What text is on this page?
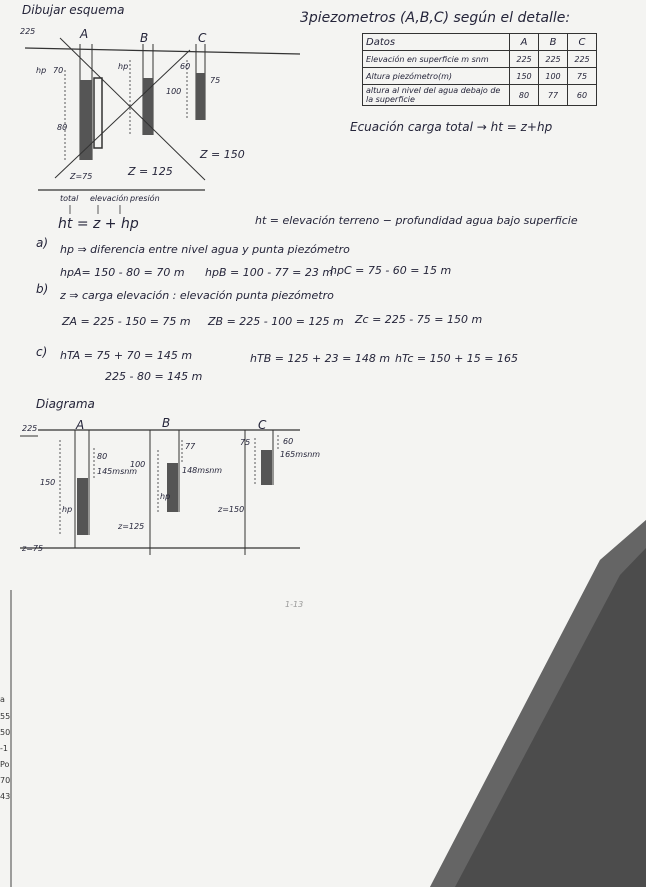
Dibujar esquema
225
3piezometros (A,B,C) según el detalle:
Datos	A	B	C
Elevación en superficie m snm	225	225	225
Altura piezómetro(m)	150	100	75
altura al nivel del agua debajo de la superficie	80	77	60
A	B	C
hp 70
80
hp
100
75
60
Z=75	Z = 125
Z = 150
Ecuación carga total → ht = z+hp
total elevación presión
ht = z + hp	ht = elevación terreno − profundidad agua bajo superficie
a) hp ⇒ diferencia entre nivel agua y punta piezómetro
hpA= 150 - 80 = 70 m hpB = 100 - 77 = 23 m
hpC = 75 - 60 = 15 m
b) z ⇒ carga elevación : elevación punta piezómetro
ZA = 225 - 150 = 75 m ZB = 225 - 100 = 125 m Zc = 225 - 75 = 150 m
c) hTA = 75 + 70 = 145 m
225 - 80 = 145 m
hTB = 125 + 23 = 148 m hTc = 150 + 15 = 165
Diagrama
225	A	B	C
80
145msnm
150
hp
77
100
148msnm
hp
z=125
60
75
165msnm
z=150
z=75
1-13
a
55
50
-1
Po
70
43
